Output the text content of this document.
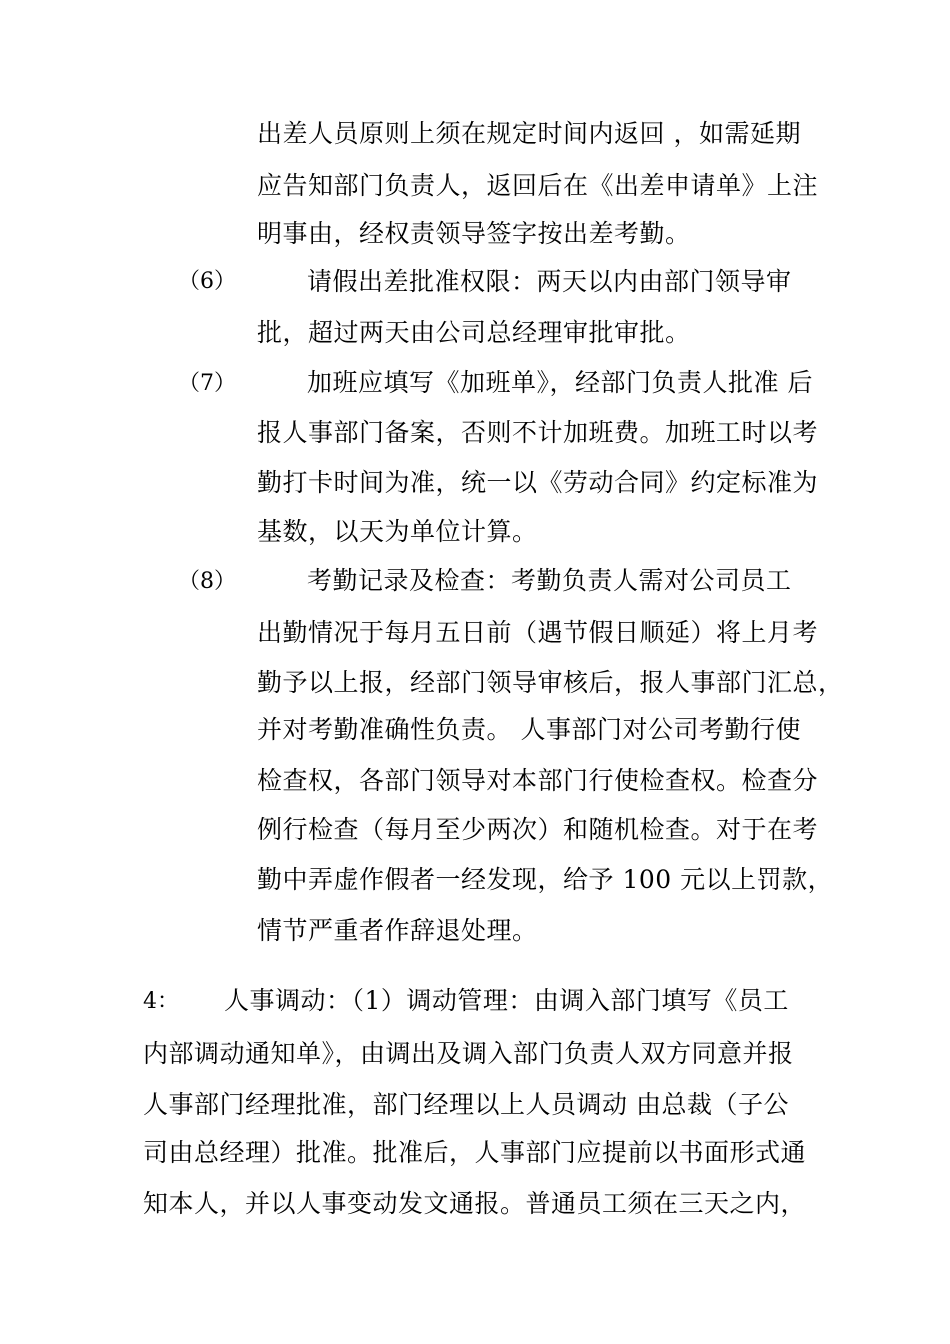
出差人员原则上须在规定时间内返回 ，如需延期
应告知部门负责人，返回后在《出差申请单》上注
明事由，经权责领导签字按出差考勤。
（6）	请假出差批准权限：两天以内由部门领导审
批，超过两天由公司总经理审批审批。
（7）	加班应填写《加班单》，经部门负责人批准 后
报人事部门备案，否则不计加班费。加班工时以考
勤打卡时间为准，统一以《劳动合同》约定标准为
基数，以天为单位计算。
（8）	考勤记录及检查：考勤负责人需对公司员工
出勤情况于每月五日前（遇节假日顺延）将上月考
勤予以上报，经部门领导审核后，报人事部门汇总，
并对考勤准确性负责。 人事部门对公司考勤行使
检查权，各部门领导对本部门行使检查权。检查分
例行检查（每月至少两次）和随机检查。对于在考
勤中弄虚作假者一经发现，给予 100 元以上罚款，
情节严重者作辞退处理。
4： 人事调动：（1）调动管理：由调入部门填写《员工
内部调动通知单》，由调出及调入部门负责人双方同意并报
人事部门经理批准，部门经理以上人员调动 由总裁（子公
司由总经理）批准。批准后，人事部门应提前以书面形式通
知本人，并以人事变动发文通报。普通员工须在三天之内，
